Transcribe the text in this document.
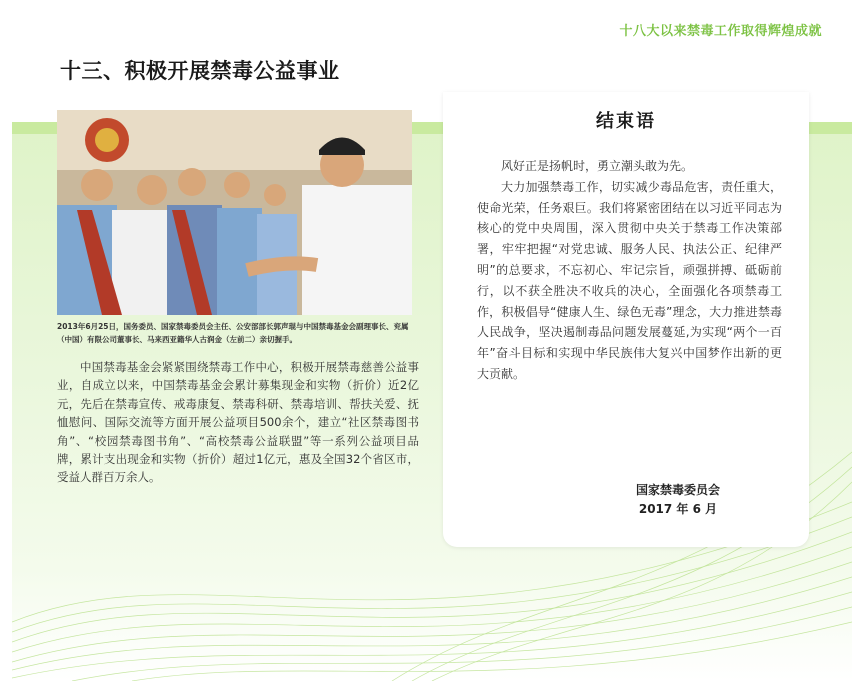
十八大以来禁毒工作取得辉煌成就
十三、积极开展禁毒公益事业
2013年6月25日，国务委员、国家禁毒委员会主任、公安部部长郭声琨与中国禁毒基金会副理事长、兖属（中国）有限公司董事长、马来西亚籍华人古润金（左前二）亲切握手。

中国禁毒基金会紧紧围绕禁毒工作中心，积极开展禁毒慈善公益事业，自成立以来，中国禁毒基金会累计募集现金和实物（折价）近2亿元，先后在禁毒宣传、戒毒康复、禁毒科研、禁毒培训、帮扶关爱、抚恤慰问、国际交流等方面开展公益项目500余个，建立“社区禁毒图书角”、“校园禁毒图书角”、“高校禁毒公益联盟”等一系列公益项目品牌，累计支出现金和实物（折价）超过1亿元，惠及全国32个省区市，受益人群百万余人。

结束语

风好正是扬帆时，勇立潮头敢为先。

大力加强禁毒工作，切实减少毒品危害，责任重大，使命光荣，任务艰巨。我们将紧密团结在以习近平同志为核心的党中央周围，深入贯彻中央关于禁毒工作决策部署，牢牢把握“对党忠诚、服务人民、执法公正、纪律严明”的总要求，不忘初心、牢记宗旨，顽强拼搏、砥砺前行，以不获全胜决不收兵的决心，全面强化各项禁毒工作，积极倡导“健康人生、绿色无毒”理念，大力推进禁毒人民战争，坚决遏制毒品问题发展蔓延,为实现“两个一百年”奋斗目标和实现中华民族伟大复兴中国梦作出新的更大贡献。

国家禁毒委员会
2017 年 6 月
